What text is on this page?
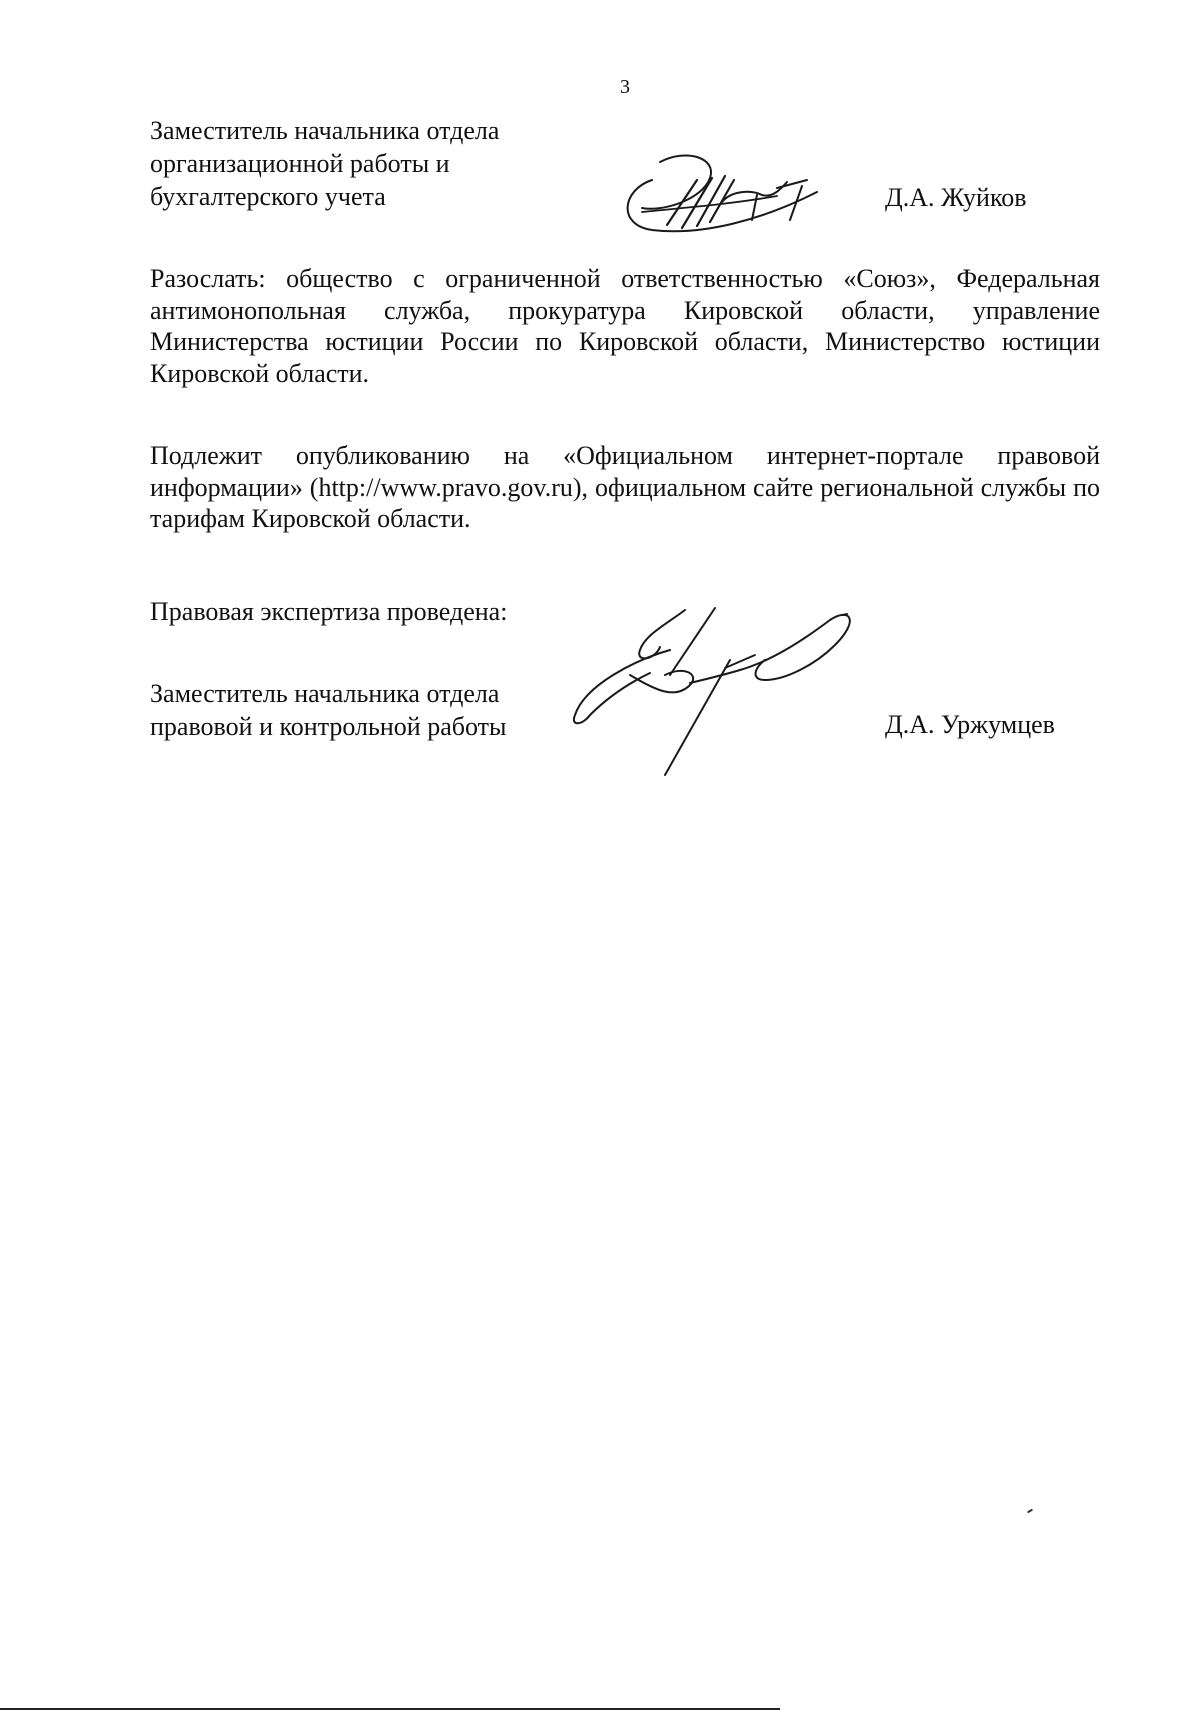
3
Заместитель начальника отдела
организационной работы и
бухгалтерского учета	Д.А. Жуйков

Разослать: общество с ограниченной ответственностью «Союз», Федеральная антимонопольная служба, прокуратура Кировской области, управление Министерства юстиции России по Кировской области, Министерство юстиции Кировской области.

Подлежит опубликованию на «Официальном интернет-портале правовой информации» (http://www.pravo.gov.ru), официальном сайте региональной службы по тарифам Кировской области.

Правовая экспертиза проведена:
Заместитель начальника отдела
правовой и контрольной работы	Д.А. Уржумцев
